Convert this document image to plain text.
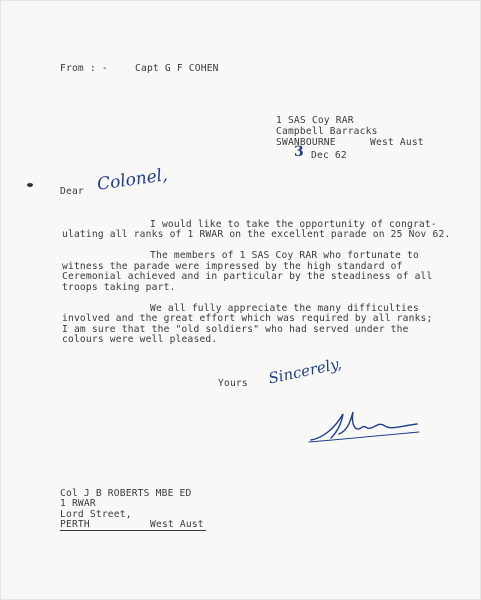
From : -	Capt G F COHEN
1 SAS Coy RAR
Campbell Barracks
SWANBOURNE	West Aust
3 Dec 62
Dear Colonel,
I would like to take the opportunity of congrat-
ulating all ranks of 1 RWAR on the excellent parade on 25 Nov 62.
The members of 1 SAS Coy RAR who fortunate to
witness the parade were impressed by the high standard of
Ceremonial achieved and in particular by the steadiness of all
troops taking part.
We all fully appreciate the many difficulties
involved and the great effort which was required by all ranks;
I am sure that the "old soldiers" who had served under the
colours were well pleased.
Yours Sincerely,
Col J B ROBERTS MBE ED
1 RWAR
Lord Street,
PERTH	West Aust
